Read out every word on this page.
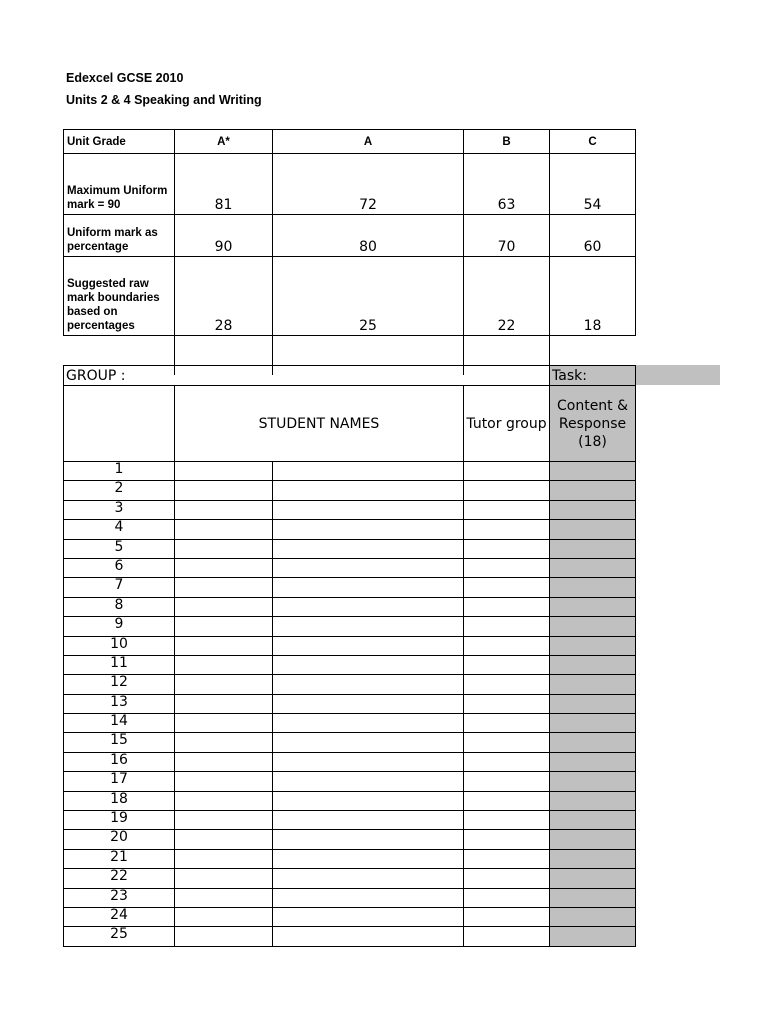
Edexcel GCSE 2010
Units 2 & 4 Speaking and Writing
Unit Grade	A*	A	B	C
Maximum Uniform mark = 90	81	72	63	54
Uniform mark as percentage	90	80	70	60
Suggested raw mark boundaries based on percentages	28	25	22	18

GROUP :				Task:
	STUDENT NAMES		Tutor group	Content & Response (18)
1				
2				
3				
4				
5				
6				
7				
8				
9				
10				
11				
12				
13				
14				
15				
16				
17				
18				
19				
20				
21				
22				
23				
24				
25				
